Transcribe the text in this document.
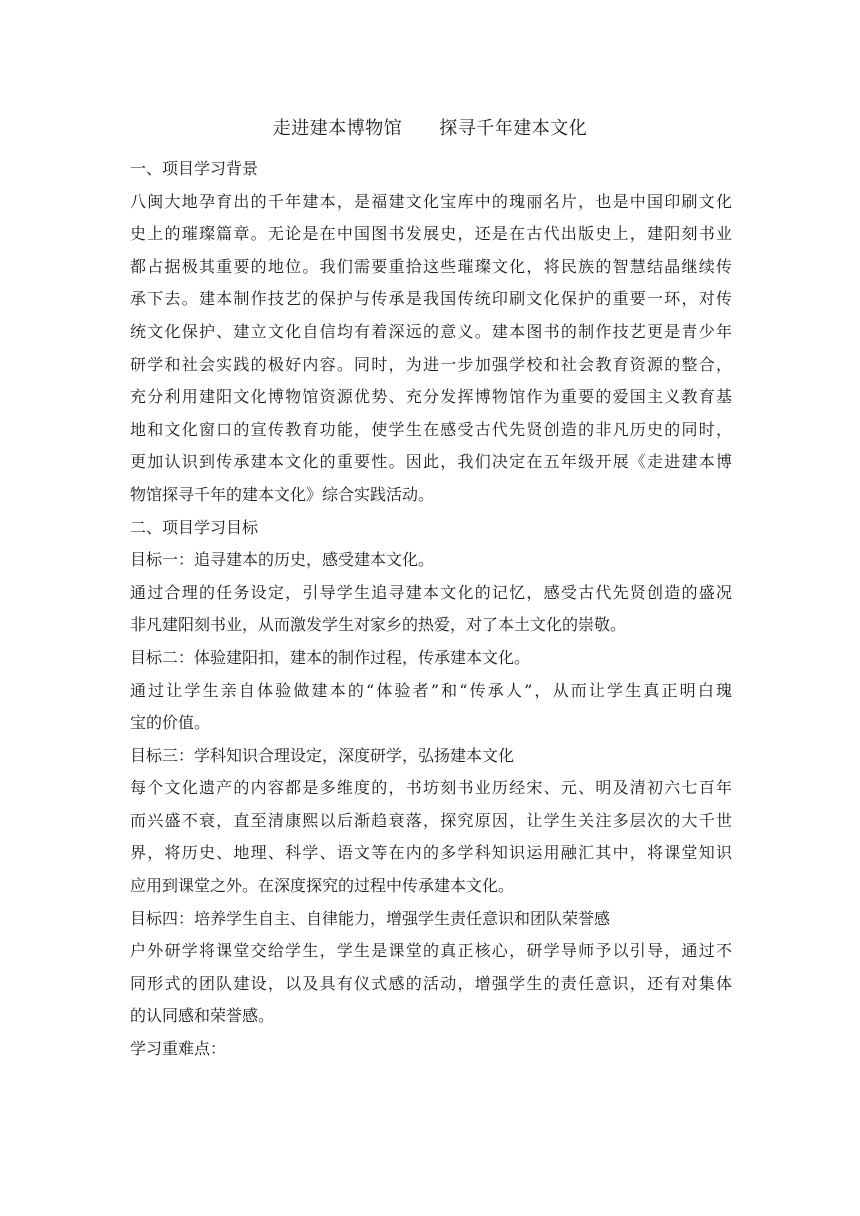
走进建本博物馆　　探寻千年建本文化
一、项目学习背景
八闽大地孕育出的千年建本，是福建文化宝库中的瑰丽名片，也是中国印刷文化
史上的璀璨篇章。无论是在中国图书发展史，还是在古代出版史上，建阳刻书业
都占据极其重要的地位。我们需要重拾这些璀璨文化，将民族的智慧结晶继续传
承下去。建本制作技艺的保护与传承是我国传统印刷文化保护的重要一环，对传
统文化保护、建立文化自信均有着深远的意义。建本图书的制作技艺更是青少年
研学和社会实践的极好内容。同时，为进一步加强学校和社会教育资源的整合，
充分利用建阳文化博物馆资源优势、充分发挥博物馆作为重要的爱国主义教育基
地和文化窗口的宣传教育功能，使学生在感受古代先贤创造的非凡历史的同时，
更加认识到传承建本文化的重要性。因此，我们决定在五年级开展《走进建本博
物馆探寻千年的建本文化》综合实践活动。
二、项目学习目标
目标一：追寻建本的历史，感受建本文化。
通过合理的任务设定，引导学生追寻建本文化的记忆，感受古代先贤创造的盛况
非凡建阳刻书业，从而激发学生对家乡的热爱，对了本土文化的崇敬。
目标二：体验建阳扣，建本的制作过程，传承建本文化。
通过让学生亲自体验做建本的“体验者”和“传承人”，从而让学生真正明白瑰
宝的价值。
目标三：学科知识合理设定，深度研学，弘扬建本文化
每个文化遗产的内容都是多维度的，书坊刻书业历经宋、元、明及清初六七百年
而兴盛不衰，直至清康熙以后渐趋衰落，探究原因，让学生关注多层次的大千世
界，将历史、地理、科学、语文等在内的多学科知识运用融汇其中，将课堂知识
应用到课堂之外。在深度探究的过程中传承建本文化。
目标四：培养学生自主、自律能力，增强学生责任意识和团队荣誉感
户外研学将课堂交给学生，学生是课堂的真正核心，研学导师予以引导，通过不
同形式的团队建设，以及具有仪式感的活动，增强学生的责任意识，还有对集体
的认同感和荣誉感。
学习重难点：
